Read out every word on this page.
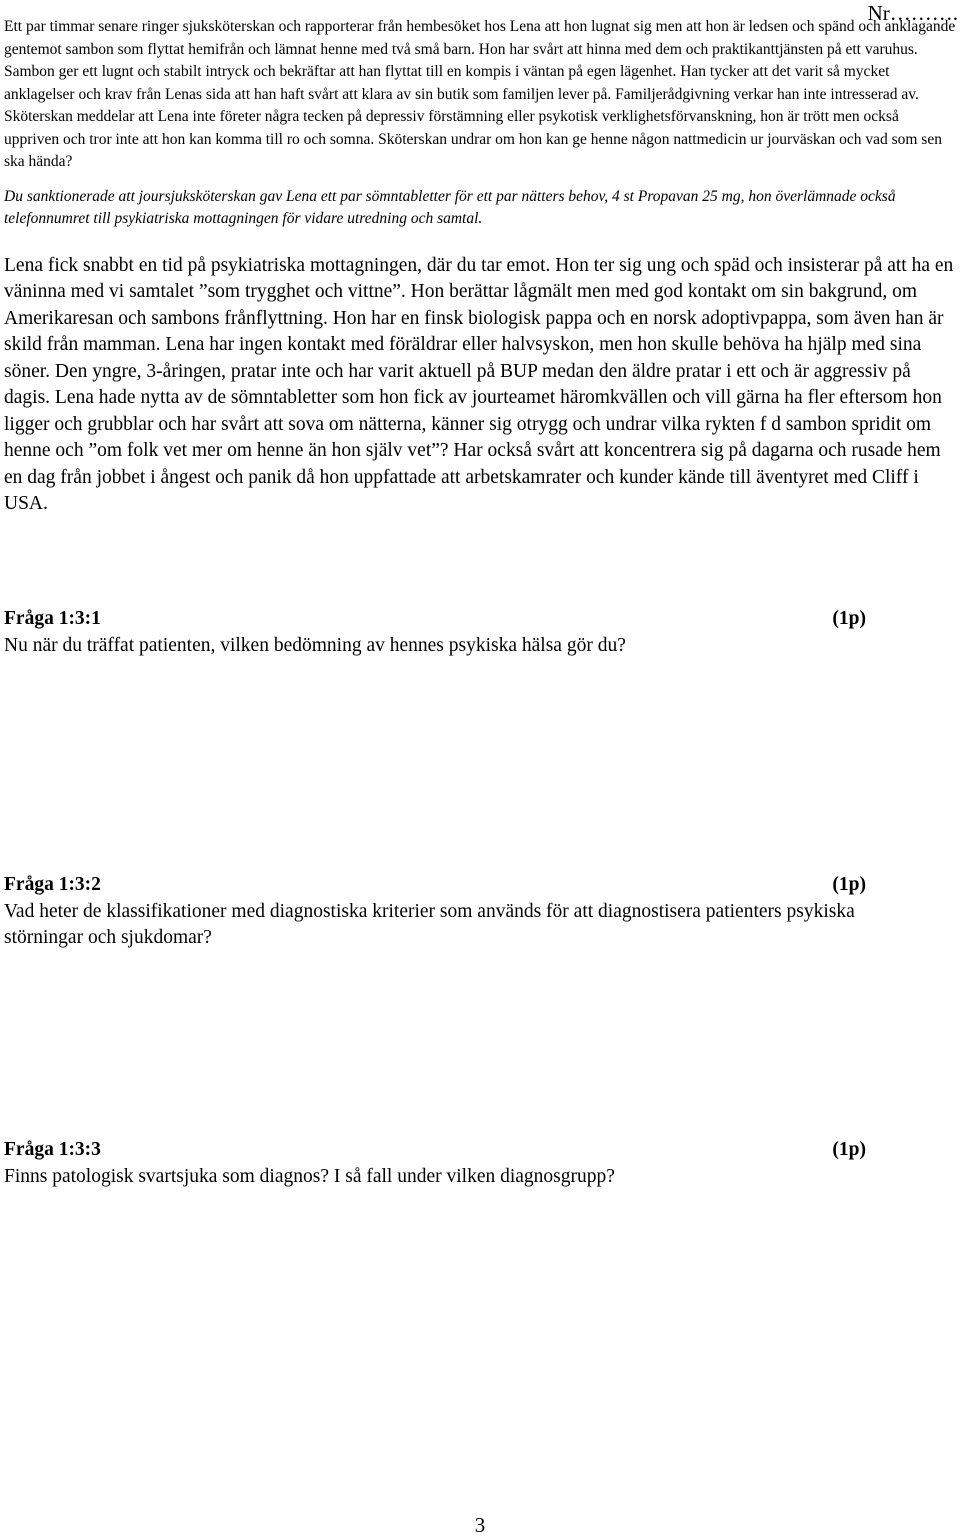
Nr……….

Ett par timmar senare ringer sjuksköterskan och rapporterar från hembesöket hos Lena att hon lugnat sig men att hon är ledsen och spänd och anklagande gentemot sambon som flyttat hemifrån och lämnat henne med två små barn. Hon har svårt att hinna med dem och praktikanttjänsten på ett varuhus. Sambon ger ett lugnt och stabilt intryck och bekräftar att han flyttat till en kompis i väntan på egen lägenhet. Han tycker att det varit så mycket anklagelser och krav från Lenas sida att han haft svårt att klara av sin butik som familjen lever på. Familjerådgivning verkar han inte intresserad av. Sköterskan meddelar att Lena inte företer några tecken på depressiv förstämning eller psykotisk verklighetsförvanskning, hon är trött men också uppriven och tror inte att hon kan komma till ro och somna. Sköterskan undrar om hon kan ge henne någon nattmedicin ur jourväskan och vad som sen ska hända?

Du sanktionerade att joursjuksköterskan gav Lena ett par sömntabletter för ett par nätters behov, 4 st Propavan 25 mg, hon överlämnade också telefonnumret till psykiatriska mottagningen för vidare utredning och samtal.

Lena fick snabbt en tid på psykiatriska mottagningen, där du tar emot. Hon ter sig ung och späd och insisterar på att ha en väninna med vi samtalet ”som trygghet och vittne”. Hon berättar lågmält men med god kontakt om sin bakgrund, om Amerikaresan och sambons frånflyttning. Hon har en finsk biologisk pappa och en norsk adoptivpappa, som även han är skild från mamman. Lena har ingen kontakt med föräldrar eller halvsyskon, men hon skulle behöva ha hjälp med sina söner. Den yngre, 3-åringen, pratar inte och har varit aktuell på BUP medan den äldre pratar i ett och är aggressiv på dagis. Lena hade nytta av de sömntabletter som hon fick av jourteamet häromkvällen och vill gärna ha fler eftersom hon ligger och grubblar och har svårt att sova om nätterna, känner sig otrygg och undrar vilka rykten f d sambon spridit om henne och ”om folk vet mer om henne än hon själv vet”? Har också svårt att koncentrera sig på dagarna och rusade hem en dag från jobbet i ångest och panik då hon uppfattade att arbetskamrater och kunder kände till äventyret med Cliff i USA.

Fråga 1:3:1	(1p)

Nu när du träffat patienten, vilken bedömning av hennes psykiska hälsa gör du?

Fråga 1:3:2	(1p)

Vad heter de klassifikationer med diagnostiska kriterier som används för att diagnostisera patienters psykiska störningar och sjukdomar?

Fråga 1:3:3	(1p)

Finns patologisk svartsjuka som diagnos? I så fall under vilken diagnosgrupp?

3
